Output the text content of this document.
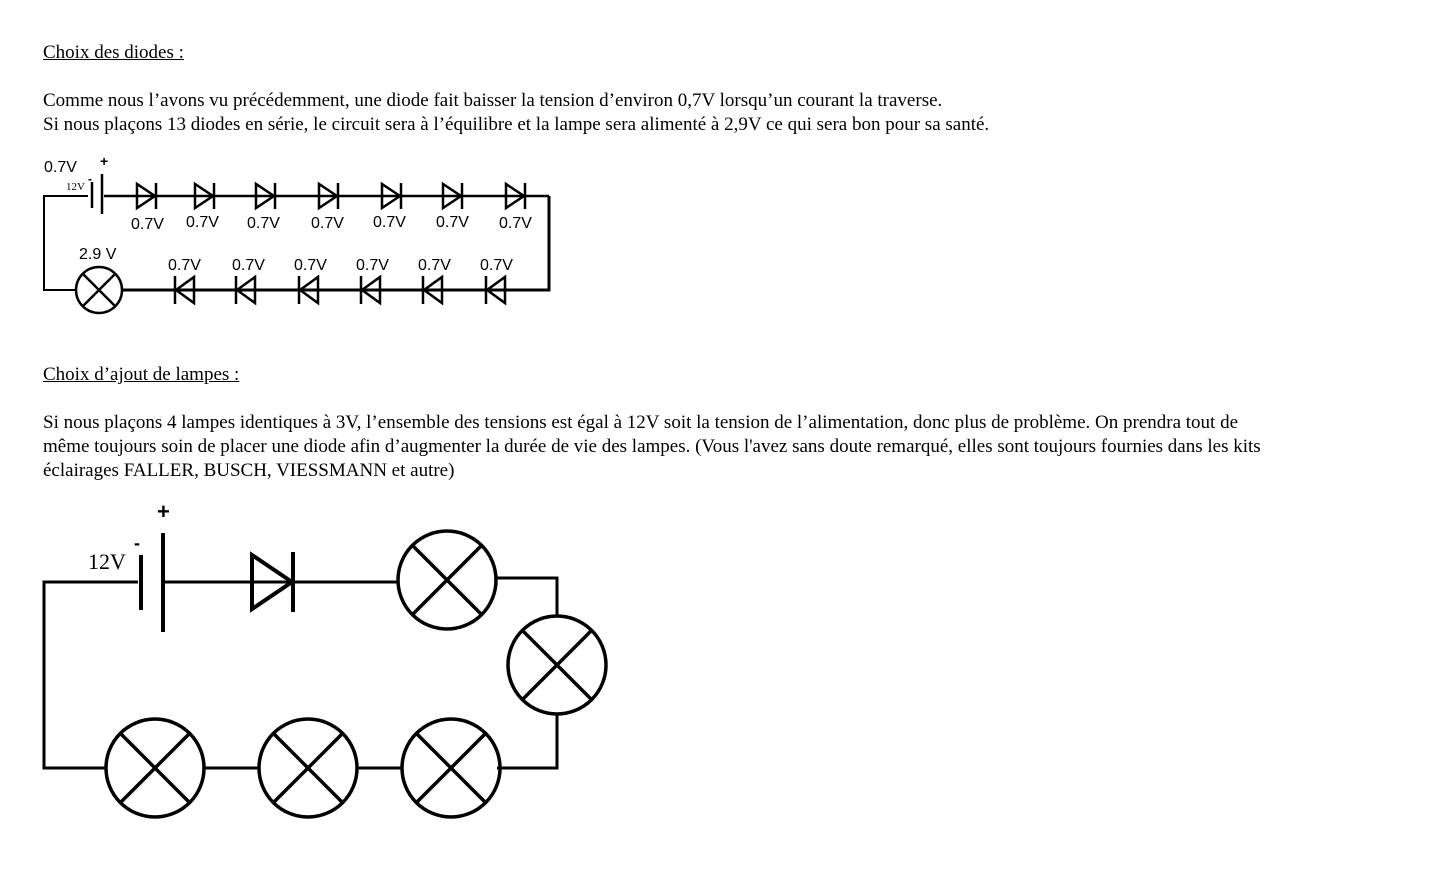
Choix des diodes :

Comme nous l’avons vu précédemment, une diode fait baisser la tension d’environ 0,7V lorsqu’un courant la traverse.
Si nous plaçons 13 diodes en série, le circuit sera à l’équilibre et la lampe sera alimenté à 2,9V ce qui sera bon pour sa santé.

0.7V +
-
12V
0.7V 0.7V 0.7V 0.7V 0.7V 0.7V 0.7V
2.9 V
0.7V 0.7V 0.7V 0.7V 0.7V 0.7V
Choix d’ajout de lampes :

Si nous plaçons 4 lampes identiques à 3V, l’ensemble des tensions est égal à 12V soit la tension de l’alimentation, donc plus de problème. On prendra tout de
même toujours soin de placer une diode afin d’augmenter la durée de vie des lampes. (Vous l'avez sans doute remarqué, elles sont toujours fournies dans les kits
éclairages FALLER, BUSCH, VIESSMANN et autre)

+
-
12V
